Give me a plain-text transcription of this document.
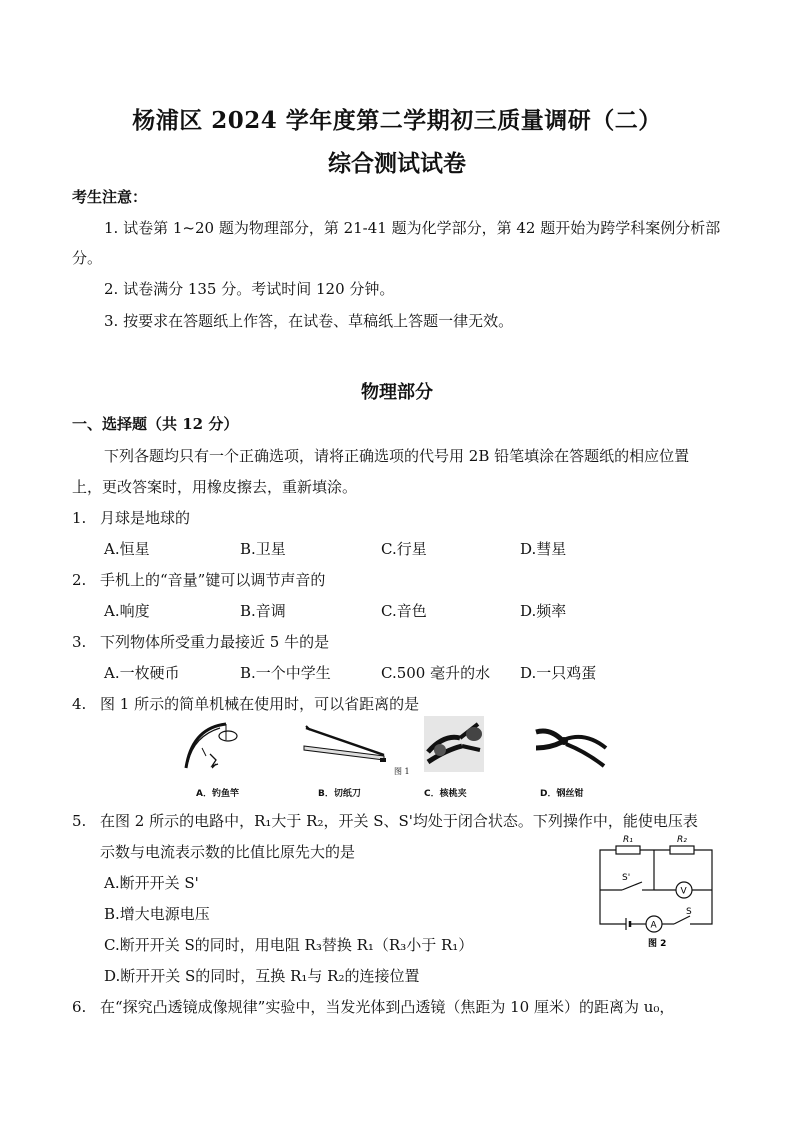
杨浦区 2024 学年度第二学期初三质量调研（二）
综合测试试卷
考生注意：
1. 试卷第 1~20 题为物理部分，第 21-41 题为化学部分，第 42 题开始为跨学科案例分析部
分。
2. 试卷满分 135 分。考试时间 120 分钟。
3. 按要求在答题纸上作答，在试卷、草稿纸上答题一律无效。
物理部分
一、选择题（共 12 分）
下列各题均只有一个正确选项，请将正确选项的代号用 2B 铅笔填涂在答题纸的相应位置
上，更改答案时，用橡皮擦去，重新填涂。
1. 月球是地球的
A.恒星	B.卫星	C.行星	D.彗星
2. 手机上的“音量”键可以调节声音的
A.响度	B.音调	C.音色	D.频率
3. 下列物体所受重力最接近 5 牛的是
A.一枚硬币	B.一个中学生	C.500 毫升的水 D.一只鸡蛋
4. 图 1 所示的简单机械在使用时，可以省距离的是
图 1
A．钓鱼竿	B．切纸刀	C．核桃夹	D．钢丝钳
5. 在图 2 所示的电路中，R₁大于 R₂，开关 S、S'均处于闭合状态。下列操作中，能使电压表
示数与电流表示数的比值比原先大的是
A.断开开关 S'
B.增大电源电压
C.断开开关 S的同时，用电阻 R₃替换 R₁（R₃小于 R₁）
D.断开开关 S的同时，互换 R₁与 R₂的连接位置
R₁	R₂
S'
V
A
S
图 2
6. 在“探究凸透镜成像规律”实验中，当发光体到凸透镜（焦距为 10 厘米）的距离为 u₀，
